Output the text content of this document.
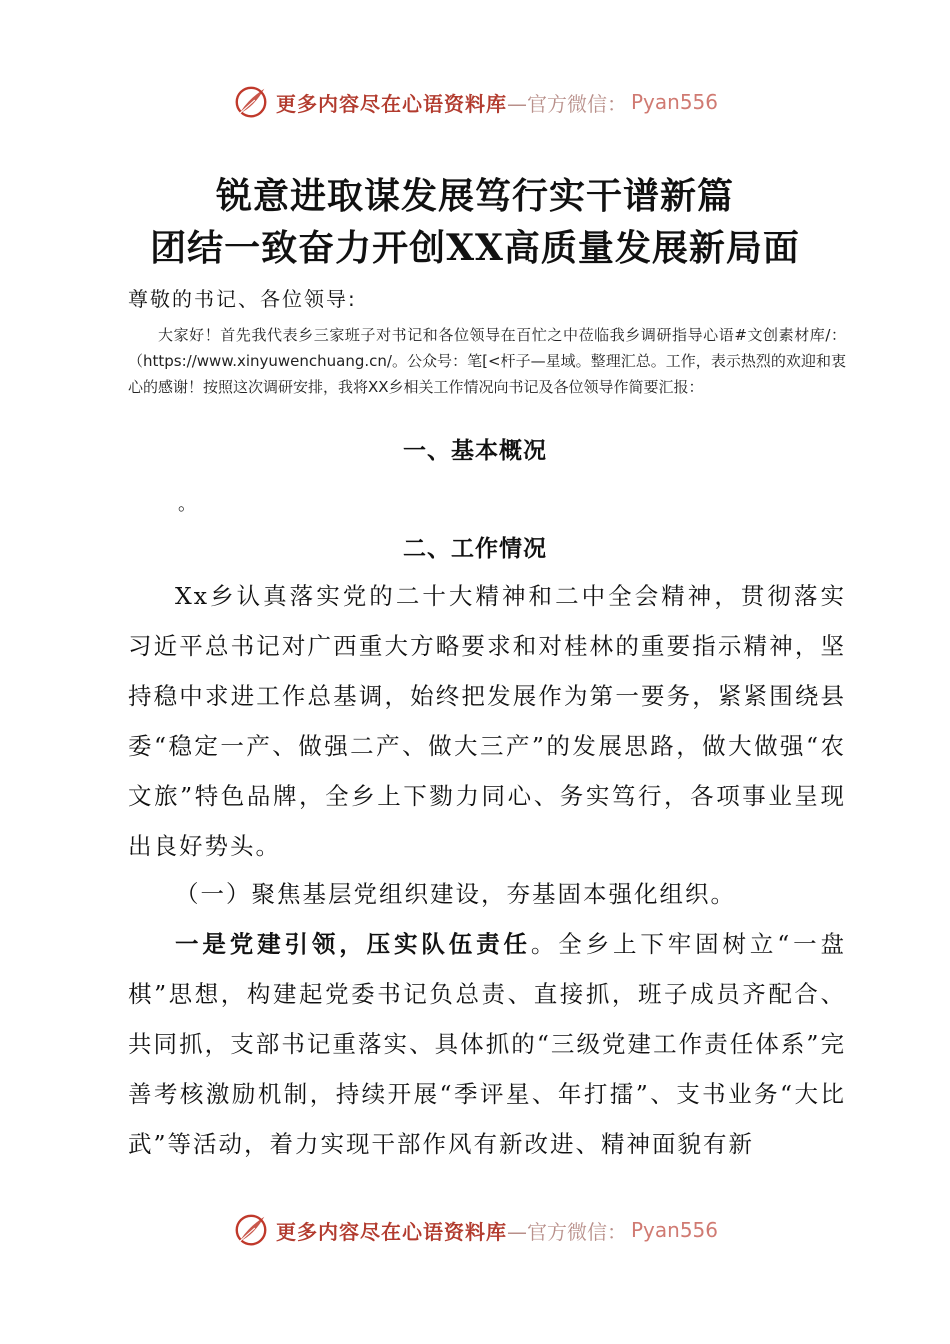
更多内容尽在心语资料库 —官方微信： Pyan556
锐意进取谋发展笃行实干谱新篇
团结一致奋力开创XX高质量发展新局面
尊敬的书记、各位领导:
大家好！首先我代表乡三家班子对书记和各位领导在百忙之中莅临我乡调研指导心语#文创素材库/：（https://www.xinyuwenchuang.cn/。公众号：笔[<杆子—星域。整理汇总。工作，表示热烈的欢迎和衷心的感谢！按照这次调研安排，我将XX乡相关工作情况向书记及各位领导作简要汇报：
一、基本概况
。
二、工作情况
Xx乡认真落实党的二十大精神和二中全会精神，贯彻落实习近平总书记对广西重大方略要求和对桂林的重要指示精神，坚持稳中求进工作总基调，始终把发展作为第一要务，紧紧围绕县委“稳定一产、做强二产、做大三产”的发展思路，做大做强“农文旅”特色品牌，全乡上下勠力同心、务实笃行，各项事业呈现出良好势头。
（一）聚焦基层党组织建设，夯基固本强化组织。
一是党建引领，压实队伍责任。全乡上下牢固树立“一盘棋”思想，构建起党委书记负总责、直接抓，班子成员齐配合、共同抓，支部书记重落实、具体抓的“三级党建工作责任体系”完善考核激励机制，持续开展“季评星、年打擂”、支书业务“大比武”等活动，着力实现干部作风有新改进、精神面貌有新
更多内容尽在心语资料库 —官方微信： Pyan556
